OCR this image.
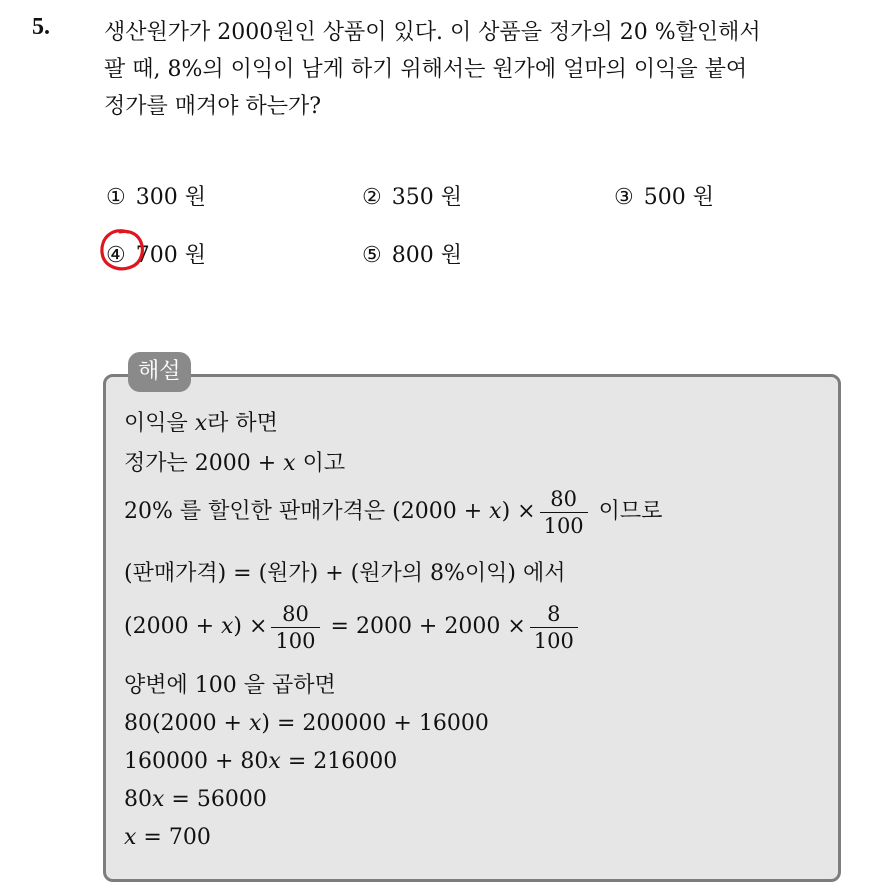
5. 생산원가가 2000원인 상품이 있다. 이 상품을 정가의 20 %할인해서
팔 때, 8%의 이익이 남게 하기 위해서는 원가에 얼마의 이익을 붙여
정가를 매겨야 하는가?
① 300 원	② 350 원	③ 500 원
④ 700 원	⑤ 800 원
해설
이익을 x라 하면
정가는 2000 + x 이고
20% 를 할인한 판매가격은 $(2000 + x) \times \frac{80}{100}$ 이므로
(판매가격) = (원가) + (원가의 8%이익) 에서
$(2000 + x) \times \frac{80}{100} = 2000 + 2000 \times \frac{8}{100}$
양변에 100 을 곱하면
80(2000 + x) = 200000 + 16000
160000 + 80x = 216000
80x = 56000
x = 700
